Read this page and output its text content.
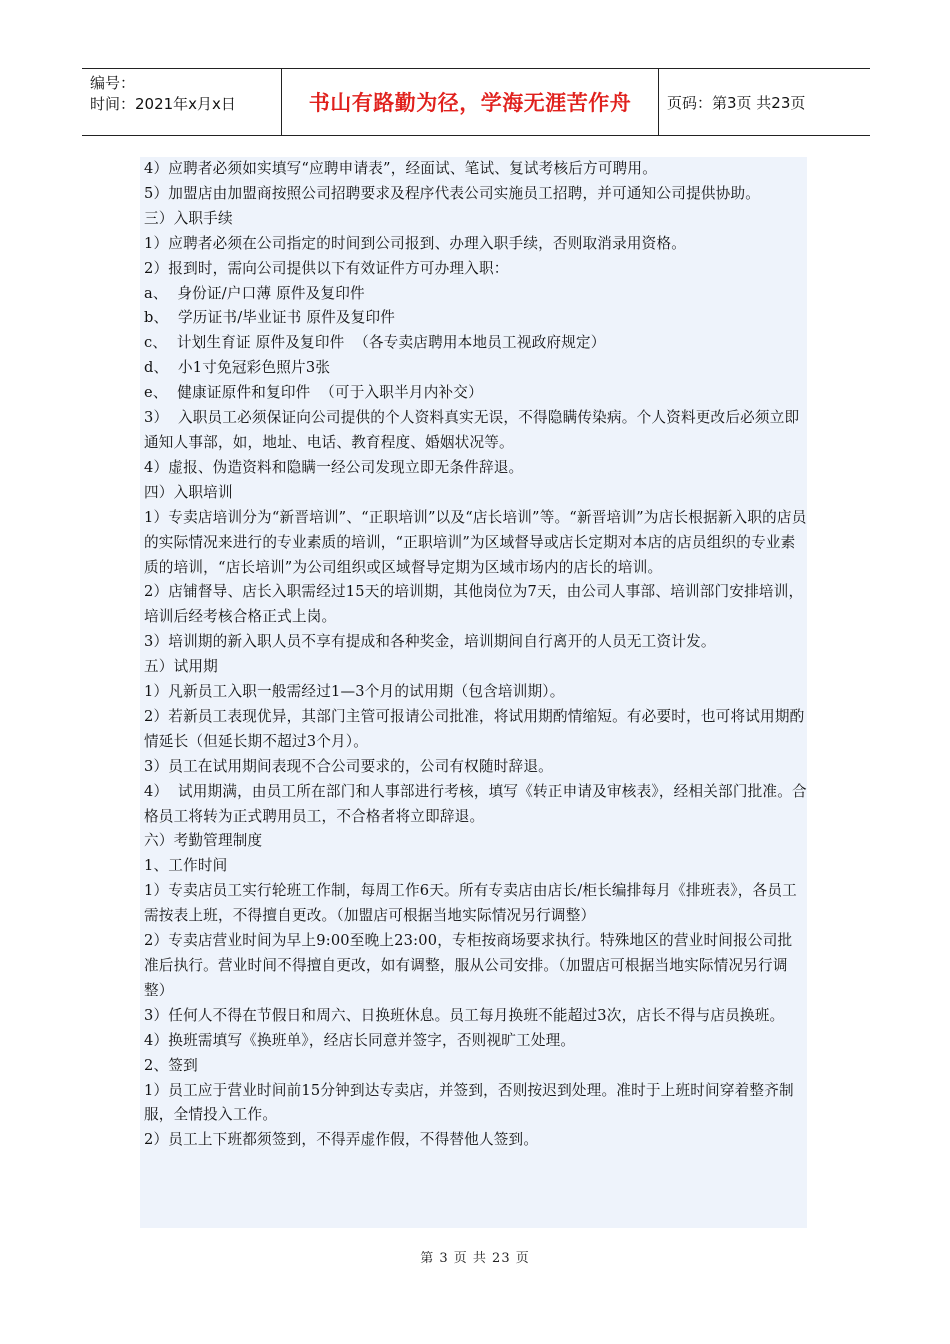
编号：
时间：2021年x月x日	书山有路勤为径，学海无涯苦作舟	页码：第3页 共23页

4）应聘者必须如实填写“应聘申请表”，经面试、笔试、复试考核后方可聘用。

5）加盟店由加盟商按照公司招聘要求及程序代表公司实施员工招聘，并可通知公司提供协助。

三）入职手续

1）应聘者必须在公司指定的时间到公司报到、办理入职手续，否则取消录用资格。

2）报到时，需向公司提供以下有效证件方可办理入职：

a、  身份证/户口薄 原件及复印件

b、  学历证书/毕业证书 原件及复印件

c、  计划生育证 原件及复印件  （各专卖店聘用本地员工视政府规定）

d、  小1寸免冠彩色照片3张

e、  健康证原件和复印件  （可于入职半月内补交）

3）  入职员工必须保证向公司提供的个人资料真实无误，不得隐瞒传染病。个人资料更改后必须立即通知人事部，如，地址、电话、教育程度、婚姻状况等。

4）虚报、伪造资料和隐瞒一经公司发现立即无条件辞退。

四）入职培训

1）专卖店培训分为“新晋培训”、“正职培训”以及“店长培训”等。“新晋培训”为店长根据新入职的店员的实际情况来进行的专业素质的培训，“正职培训”为区域督导或店长定期对本店的店员组织的专业素质的培训，“店长培训”为公司组织或区域督导定期为区域市场内的店长的培训。

2）店铺督导、店长入职需经过15天的培训期，其他岗位为7天，由公司人事部、培训部门安排培训，培训后经考核合格正式上岗。

3）培训期的新入职人员不享有提成和各种奖金，培训期间自行离开的人员无工资计发。

五）试用期

1）凡新员工入职一般需经过1—3个月的试用期（包含培训期）。

2）若新员工表现优异，其部门主管可报请公司批准，将试用期酌情缩短。有必要时，也可将试用期酌情延长（但延长期不超过3个月）。

3）员工在试用期间表现不合公司要求的，公司有权随时辞退。

4）  试用期满，由员工所在部门和人事部进行考核，填写《转正申请及审核表》，经相关部门批准。合格员工将转为正式聘用员工，不合格者将立即辞退。

六）考勤管理制度

1、工作时间

1）专卖店员工实行轮班工作制，每周工作6天。所有专卖店由店长/柜长编排每月《排班表》，各员工需按表上班，不得擅自更改。（加盟店可根据当地实际情况另行调整）

2）专卖店营业时间为早上9:00至晚上23:00，专柜按商场要求执行。特殊地区的营业时间报公司批准后执行。营业时间不得擅自更改，如有调整，服从公司安排。（加盟店可根据当地实际情况另行调整）

3）任何人不得在节假日和周六、日换班休息。员工每月换班不能超过3次，店长不得与店员换班。

4）换班需填写《换班单》，经店长同意并签字，否则视旷工处理。

2、签到

1）员工应于营业时间前15分钟到达专卖店，并签到，否则按迟到处理。准时于上班时间穿着整齐制服，全情投入工作。

2）员工上下班都须签到，不得弄虚作假，不得替他人签到。

第 3 页 共 23 页
